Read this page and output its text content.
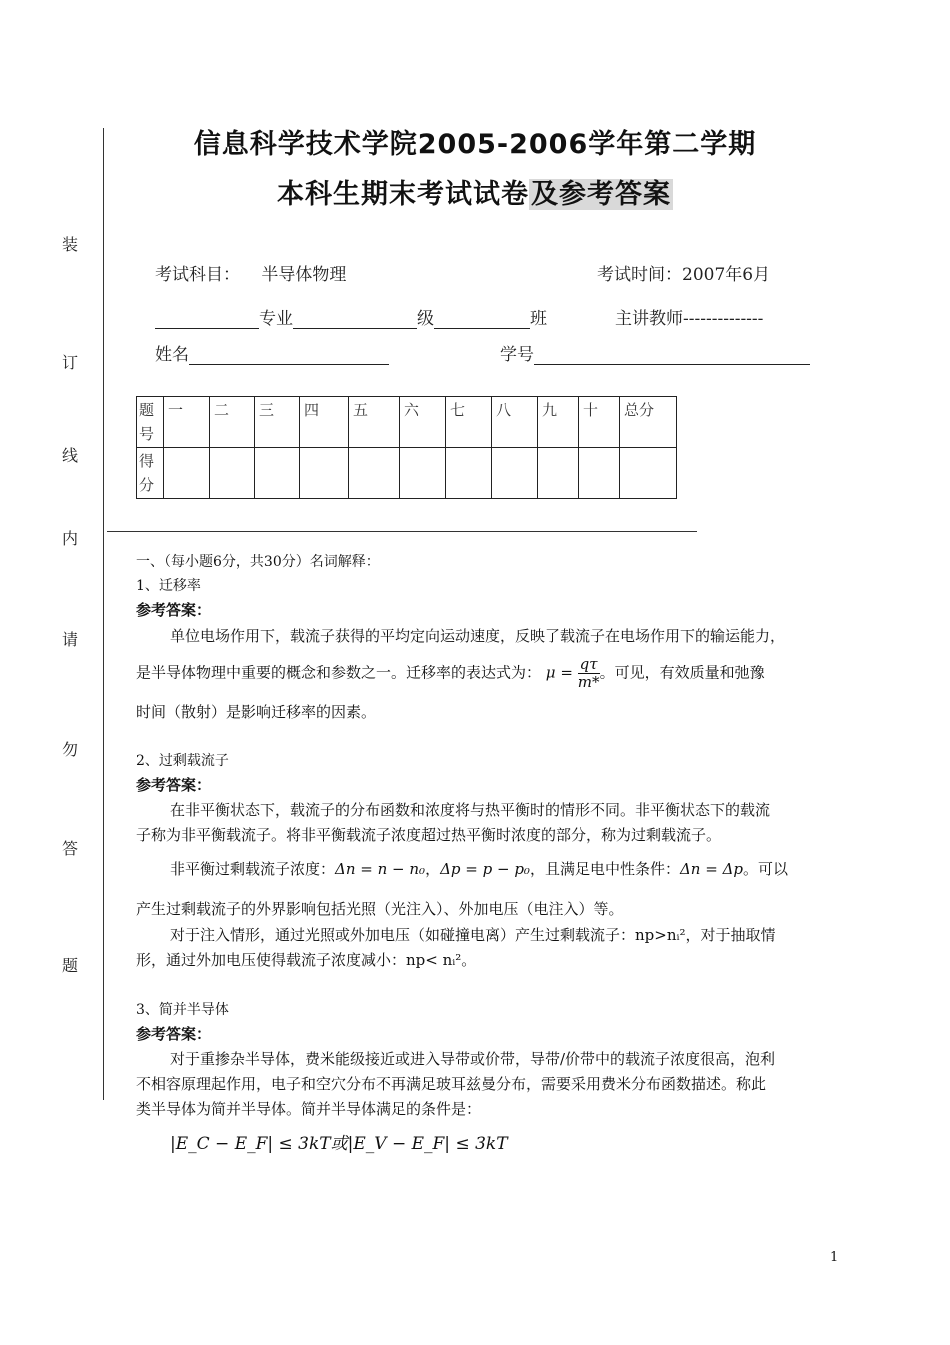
装
订
线
内
请
勿
答
题
信息科学技术学院2005-2006学年第二学期
本科生期末考试试卷及参考答案
考试科目： 半导体物理	考试时间：2007年6月
专业	级	班	主讲教师--------------
姓名	学号
题号	一	二	三	四	五	六	七	八	九	十	总分
得分											
一、（每小题6分，共30分）名词解释：
1、迁移率
参考答案：
单位电场作用下，载流子获得的平均定向运动速度，反映了载流子在电场作用下的输运能力，
是半导体物理中重要的概念和参数之一。迁移率的表达式为： $\mu = \frac{q\tau}{m*}$ 。可见，有效质量和弛豫
时间（散射）是影响迁移率的因素。
2、过剩载流子
参考答案：
在非平衡状态下，载流子的分布函数和浓度将与热平衡时的情形不同。非平衡状态下的载流
子称为非平衡载流子。将非平衡载流子浓度超过热平衡时浓度的部分，称为过剩载流子。
非平衡过剩载流子浓度：Δn = n − n₀，Δp = p − p₀，且满足电中性条件：Δn = Δp。可以
产生过剩载流子的外界影响包括光照（光注入）、外加电压（电注入）等。
对于注入情形，通过光照或外加电压（如碰撞电离）产生过剩载流子：np>nᵢ²，对于抽取情
形，通过外加电压使得载流子浓度减小：np< nᵢ²。
3、简并半导体
参考答案：
对于重掺杂半导体，费米能级接近或进入导带或价带，导带/价带中的载流子浓度很高，泡利
不相容原理起作用，电子和空穴分布不再满足玻耳兹曼分布，需要采用费米分布函数描述。称此
类半导体为简并半导体。简并半导体满足的条件是：
|E_C − E_F| ≤ 3kT或|E_V − E_F| ≤ 3kT
1
